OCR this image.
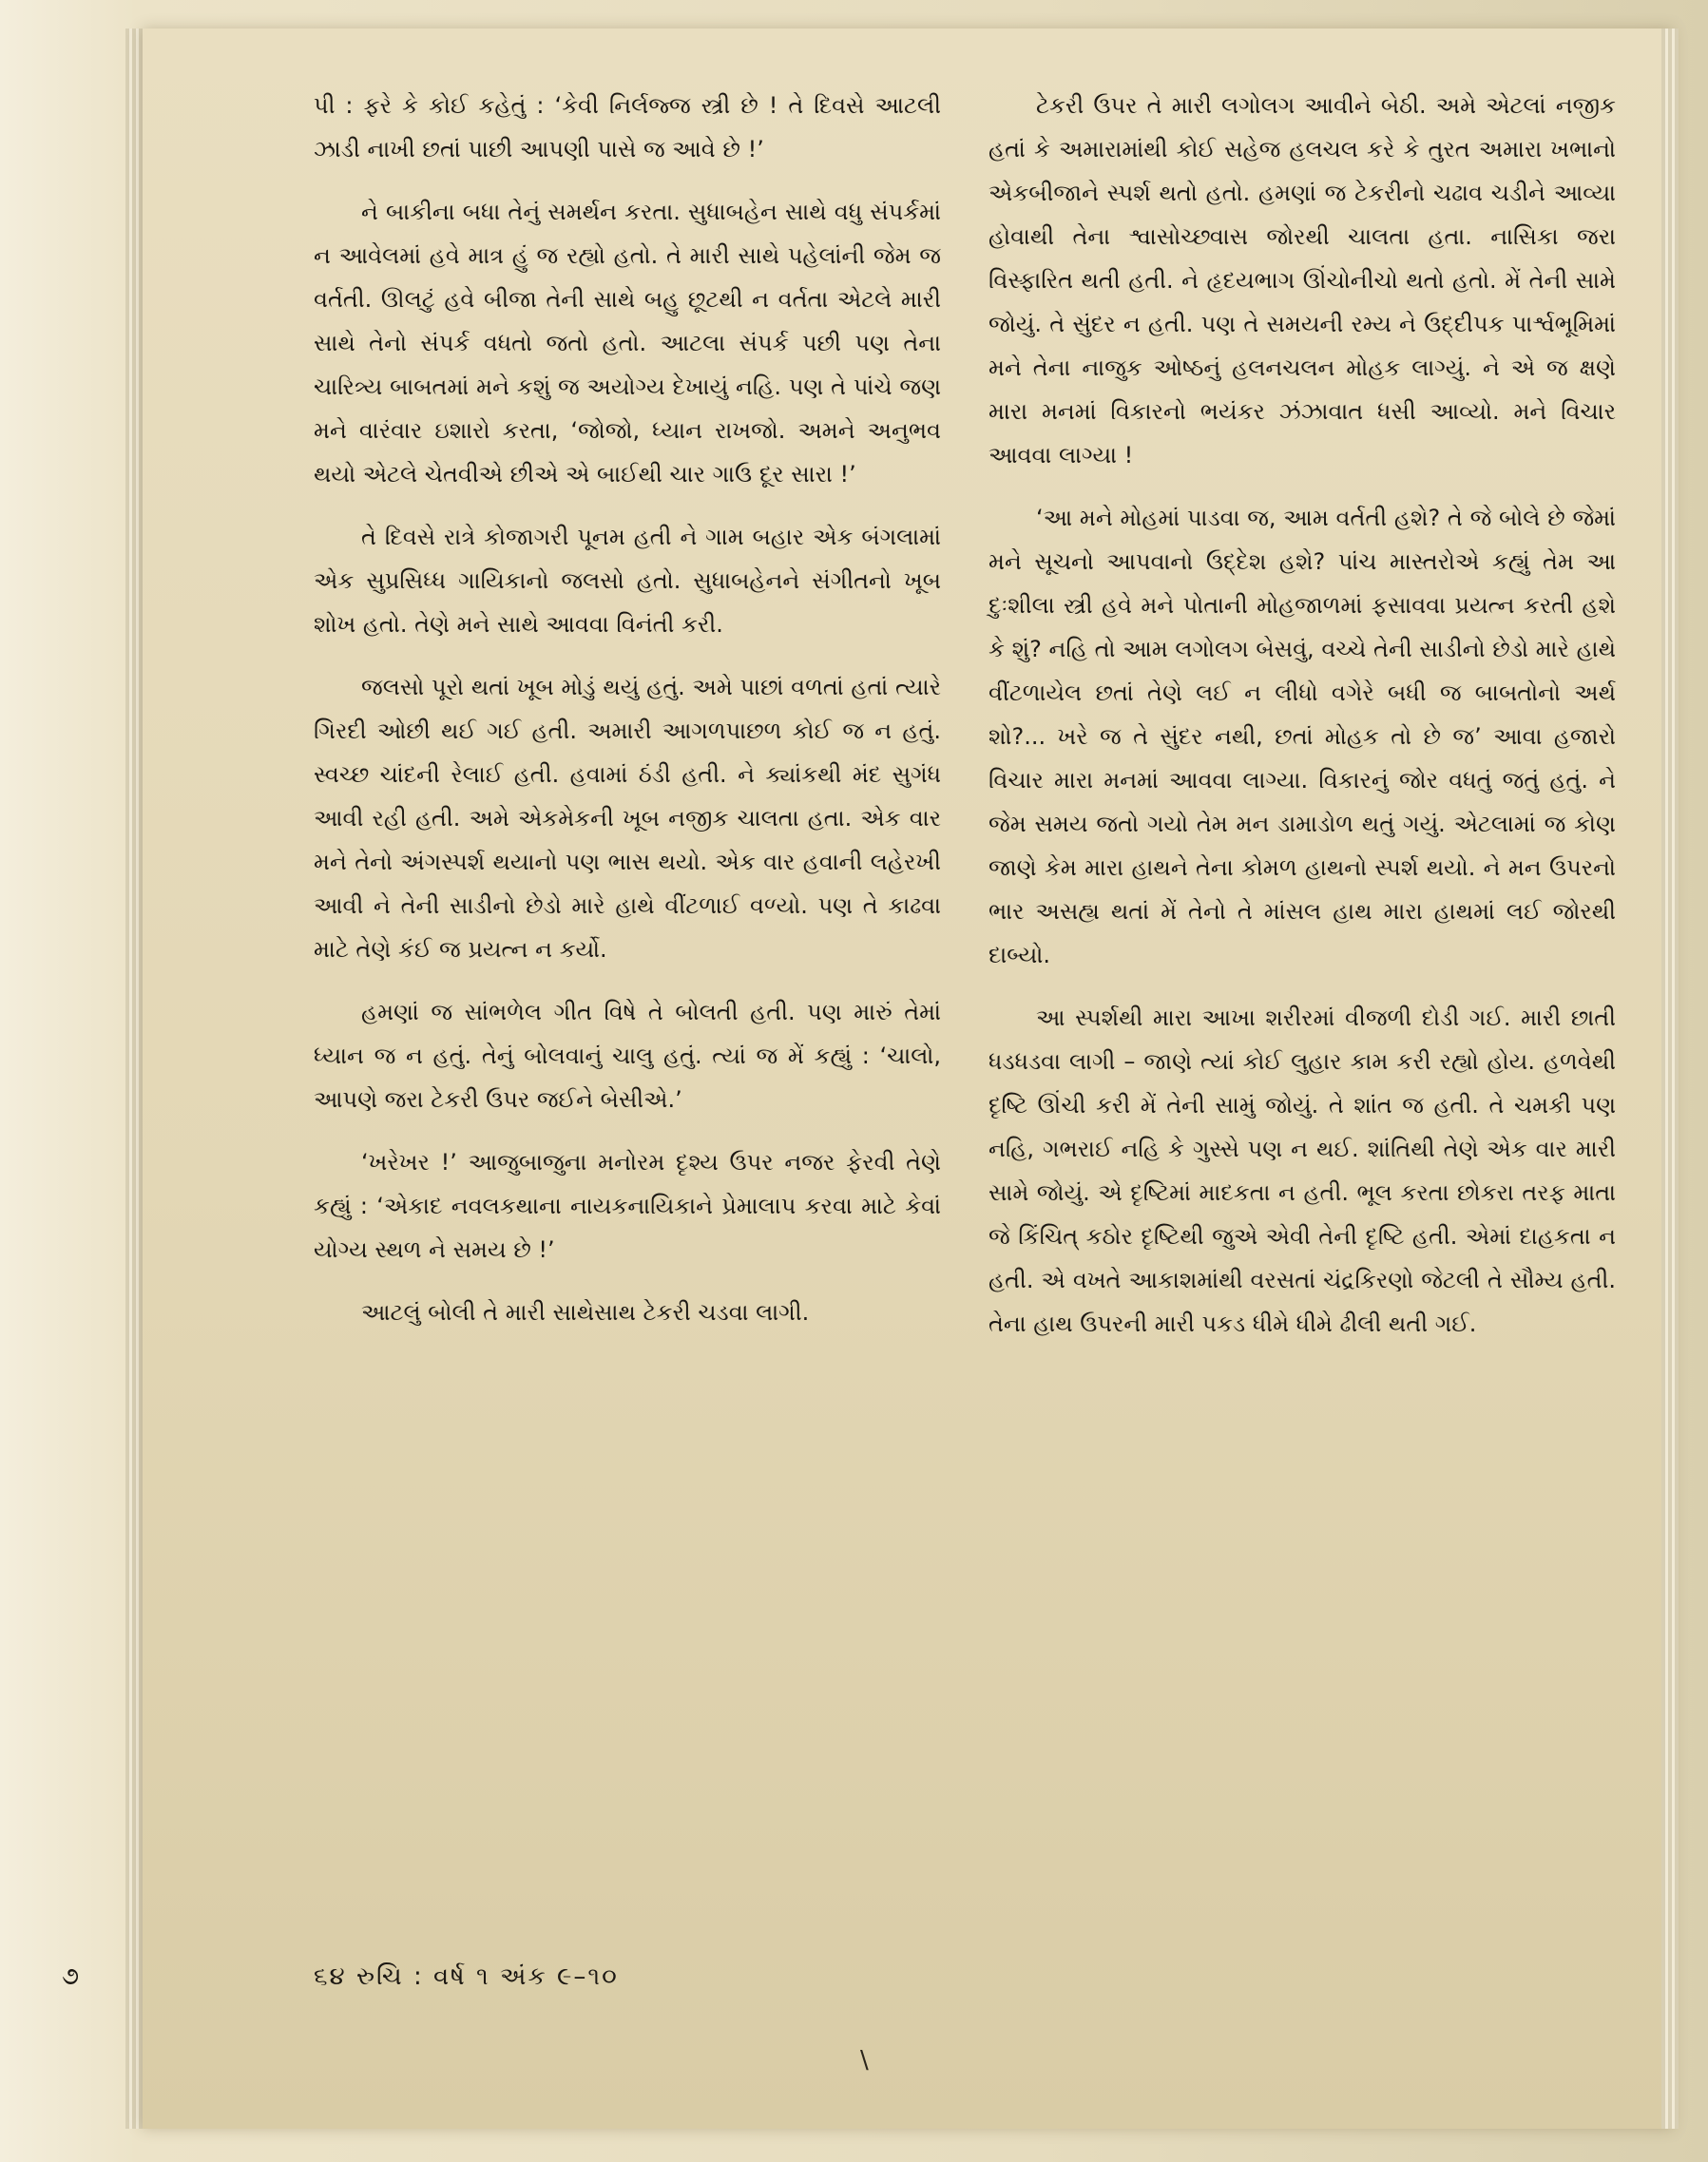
પી : ફરે કે કોઈ કહેતું : ‘કેવી નિર્લજ્જ સ્ત્રી છે ! તે દિવસે આટલી ઝાડી નાખી છતાં પાછી આપણી પાસે જ આવે છે !’

ને બાકીના બધા તેનું સમર્થન કરતા. સુધાબહેન સાથે વધુ સંપર્કમાં ન આવેલમાં હવે માત્ર હું જ રહ્યો હતો. તે મારી સાથે પહેલાંની જેમ જ વર્તતી. ઊલટું હવે બીજા તેની સાથે બહુ છૂટથી ન વર્તતા એટલે મારી સાથે તેનો સંપર્ક વધતો જતો હતો. આટલા સંપર્ક પછી પણ તેના ચારિત્ર્ય બાબતમાં મને કશું જ અયોગ્ય દેખાયું નહિ. પણ તે પાંચે જણ મને વારંવાર ઇશારો કરતા, ‘જોજો, ધ્યાન રાખજો. અમને અનુભવ થયો એટલે ચેતવીએ છીએ એ બાઈથી ચાર ગાઉ દૂર સારા !’

તે દિવસે રાત્રે કોજાગરી પૂનમ હતી ને ગામ બહાર એક બંગલામાં એક સુપ્રસિધ્ધ ગાયિકાનો જલસો હતો. સુધાબહેનને સંગીતનો ખૂબ શોખ હતો. તેણે મને સાથે આવવા વિનંતી કરી.

જલસો પૂરો થતાં ખૂબ મોડું થયું હતું. અમે પાછાં વળતાં હતાં ત્યારે ગિરદી ઓછી થઈ ગઈ હતી. અમારી આગળપાછળ કોઈ જ ન હતું. સ્વચ્છ ચાંદની રેલાઈ હતી. હવામાં ઠંડી હતી. ને ક્યાંકથી મંદ સુગંધ આવી રહી હતી. અમે એકમેકની ખૂબ નજીક ચાલતા હતા. એક વાર મને તેનો અંગસ્પર્શ થયાનો પણ ભાસ થયો. એક વાર હવાની લહેરખી આવી ને તેની સાડીનો છેડો મારે હાથે વીંટળાઈ વળ્યો. પણ તે કાઢવા માટે તેણે કંઈ જ પ્રયત્ન ન કર્યો.

હમણાં જ સાંભળેલ ગીત વિષે તે બોલતી હતી. પણ મારું તેમાં ધ્યાન જ ન હતું. તેનું બોલવાનું ચાલુ હતું. ત્યાં જ મેં કહ્યું : ‘ચાલો, આપણે જરા ટેકરી ઉપર જઈને બેસીએ.’

‘ખરેખર !’ આજુબાજુના મનોરમ દૃશ્ય ઉપર નજર ફેરવી તેણે કહ્યું : ‘એકાદ નવલકથાના નાયકનાયિકાને પ્રેમાલાપ કરવા માટે કેવાં યોગ્ય સ્થળ ને સમય છે !’

આટલું બોલી તે મારી સાથેસાથ ટેકરી ચડવા લાગી.

ટેકરી ઉપર તે મારી લગોલગ આવીને બેઠી. અમે એટલાં નજીક હતાં કે અમારામાંથી કોઈ સહેજ હલચલ કરે કે તુરત અમારા ખભાનો એકબીજાને સ્પર્શ થતો હતો. હમણાં જ ટેકરીનો ચઢાવ ચડીને આવ્યા હોવાથી તેના શ્વાસોચ્છ્વાસ જોરથી ચાલતા હતા. નાસિકા જરા વિસ્ફારિત થતી હતી. ને હૃદયભાગ ઊંચોનીચો થતો હતો. મેં તેની સામે જોયું. તે સુંદર ન હતી. પણ તે સમયની રમ્ય ને ઉદ્દીપક પાર્શ્વભૂમિમાં મને તેના નાજુક ઓષ્ઠનું હલનચલન મોહક લાગ્યું. ને એ જ ક્ષણે મારા મનમાં વિકારનો ભયંકર ઝંઝાવાત ધસી આવ્યો. મને વિચાર આવવા લાગ્યા !

‘આ મને મોહમાં પાડવા જ, આમ વર્તતી હશે? તે જે બોલે છે જેમાં મને સૂચનો આપવાનો ઉદ્દેશ હશે? પાંચ માસ્તરોએ કહ્યું તેમ આ દુઃશીલા સ્ત્રી હવે મને પોતાની મોહજાળમાં ફસાવવા પ્રયત્ન કરતી હશે કે શું? નહિ તો આમ લગોલગ બેસવું, વચ્ચે તેની સાડીનો છેડો મારે હાથે વીંટળાયેલ છતાં તેણે લઈ ન લીધો વગેરે બધી જ બાબતોનો અર્થ શો?... ખરે જ તે સુંદર નથી, છતાં મોહક તો છે જ’ આવા હજારો વિચાર મારા મનમાં આવવા લાગ્યા. વિકારનું જોર વધતું જતું હતું. ને જેમ સમય જતો ગયો તેમ મન ડામાડોળ થતું ગયું. એટલામાં જ કોણ જાણે કેમ મારા હાથને તેના કોમળ હાથનો સ્પર્શ થયો. ને મન ઉપરનો ભાર અસહ્ય થતાં મેં તેનો તે માંસલ હાથ મારા હાથમાં લઈ જોરથી દાબ્યો.

આ સ્પર્શથી મારા આખા શરીરમાં વીજળી દોડી ગઈ. મારી છાતી ધડધડવા લાગી – જાણે ત્યાં કોઈ લુહાર કામ કરી રહ્યો હોય. હળવેથી દૃષ્ટિ ઊંચી કરી મેં તેની સામું જોયું. તે શાંત જ હતી. તે ચમકી પણ નહિ, ગભરાઈ નહિ કે ગુસ્સે પણ ન થઈ. શાંતિથી તેણે એક વાર મારી સામે જોયું. એ દૃષ્ટિમાં માદકતા ન હતી. ભૂલ કરતા છોકરા તરફ માતા જે કિંચિત્ કઠોર દૃષ્ટિથી જુએ એવી તેની દૃષ્ટિ હતી. એમાં દાહકતા ન હતી. એ વખતે આકાશમાંથી વરસતાં ચંદ્રકિરણો જેટલી તે સૌમ્ય હતી. તેના હાથ ઉપરની મારી પકડ ધીમે ધીમે ઢીલી થતી ગઈ.

૭	૬૪ રુચિ : વર્ષ ૧ અંક ૯–૧૦
\
